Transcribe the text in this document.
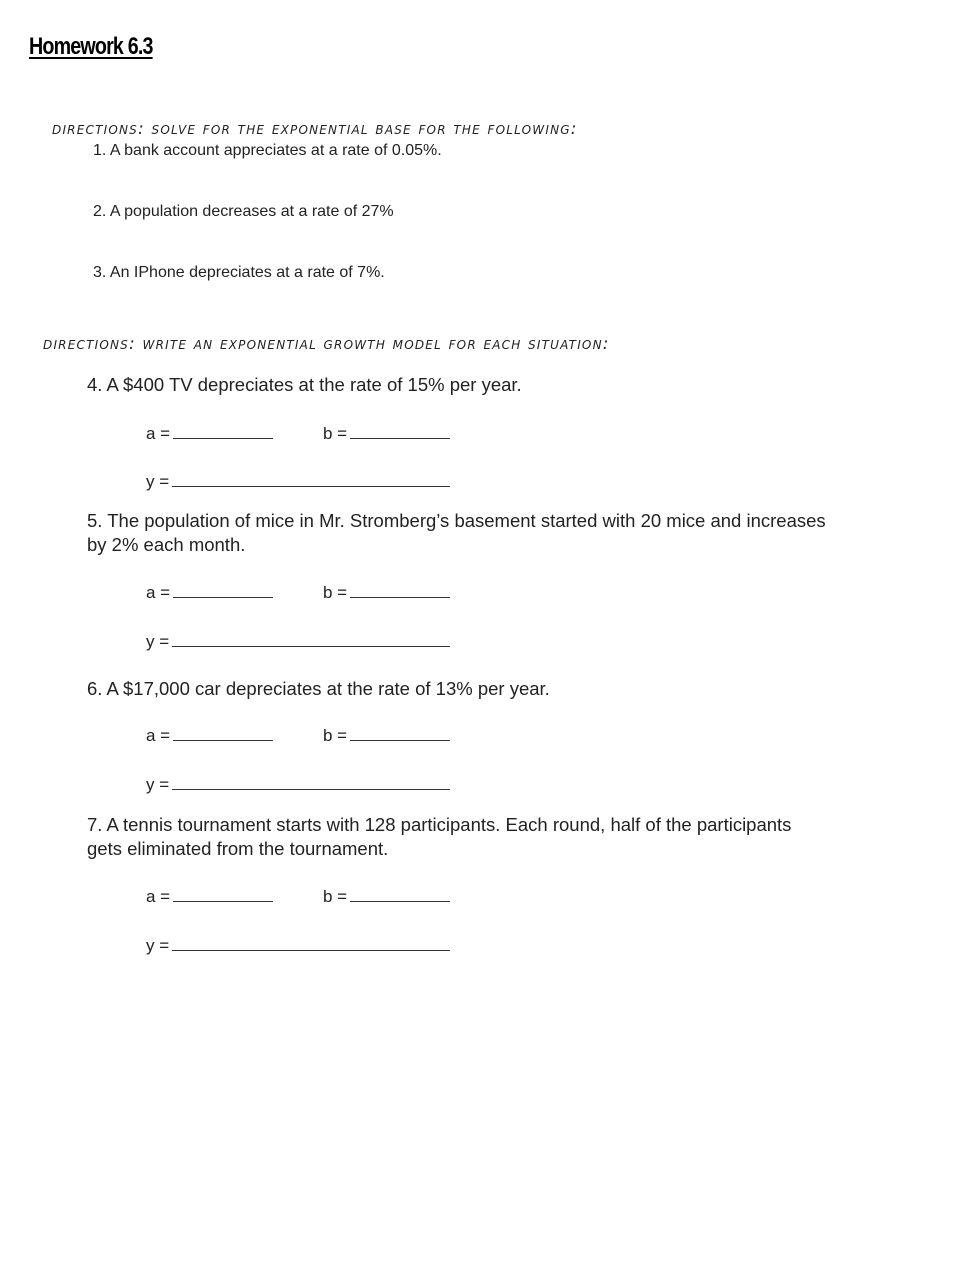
Homework 6.3
directions: solve for the exponential base for the following:
1. A bank account appreciates at a rate of 0.05%.
2. A population decreases at a rate of 27%
3. An IPhone depreciates at a rate of 7%.
directions: write an exponential growth model for each situation:
4. A $400 TV depreciates at the rate of 15% per year.
a =	b =
y =
5. The population of mice in Mr. Stromberg’s basement started with 20 mice and increases by 2% each month.
a =	b =
y =
6. A $17,000 car depreciates at the rate of 13% per year.
a =	b =
y =
7. A tennis tournament starts with 128 participants. Each round, half of the participants gets eliminated from the tournament.
a =	b =
y =
